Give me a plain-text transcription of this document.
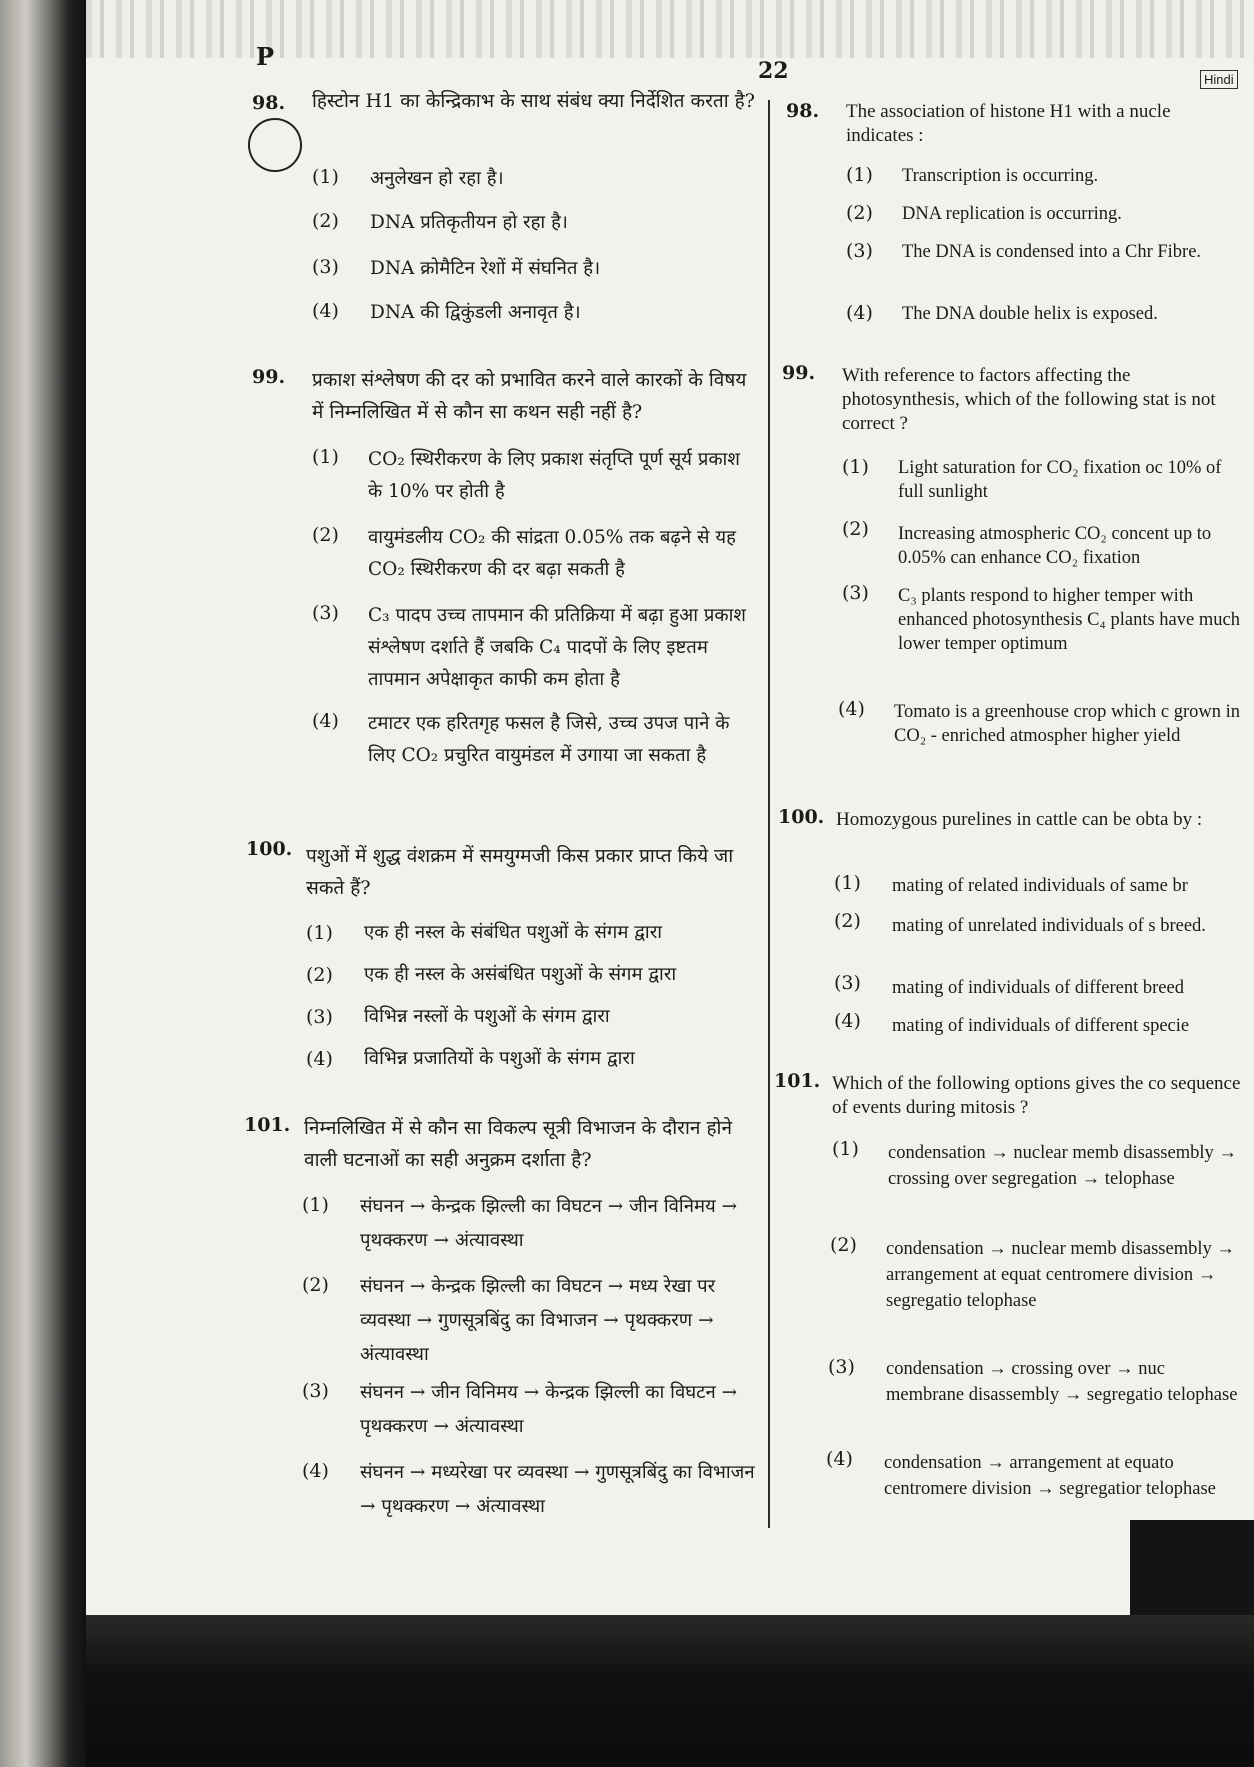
P	22	Hindi
98. हिस्टोन H1 का केन्द्रिकाभ के साथ संबंध क्या निर्देशित करता है?
(1) अनुलेखन हो रहा है।
(2) DNA प्रतिकृतीयन हो रहा है।
(3) DNA क्रोमैटिन रेशों में संघनित है।
(4) DNA की द्विकुंडली अनावृत है।
99. प्रकाश संश्लेषण की दर को प्रभावित करने वाले कारकों के विषय में निम्नलिखित में से कौन सा कथन सही नहीं है?
(1) CO₂ स्थिरीकरण के लिए प्रकाश संतृप्ति पूर्ण सूर्य प्रकाश के 10% पर होती है
(2) वायुमंडलीय CO₂ की सांद्रता 0.05% तक बढ़ने से यह CO₂ स्थिरीकरण की दर बढ़ा सकती है
(3) C₃ पादप उच्च तापमान की प्रतिक्रिया में बढ़ा हुआ प्रकाश संश्लेषण दर्शाते हैं जबकि C₄ पादपों के लिए इष्टतम तापमान अपेक्षाकृत काफी कम होता है
(4) टमाटर एक हरितगृह फसल है जिसे, उच्च उपज पाने के लिए CO₂ प्रचुरित वायुमंडल में उगाया जा सकता है
100. पशुओं में शुद्ध वंशक्रम में समयुग्मजी किस प्रकार प्राप्त किये जा सकते हैं?
(1) एक ही नस्ल के संबंधित पशुओं के संगम द्वारा
(2) एक ही नस्ल के असंबंधित पशुओं के संगम द्वारा
(3) विभिन्न नस्लों के पशुओं के संगम द्वारा
(4) विभिन्न प्रजातियों के पशुओं के संगम द्वारा
101. निम्नलिखित में से कौन सा विकल्प सूत्री विभाजन के दौरान होने वाली घटनाओं का सही अनुक्रम दर्शाता है?
(1) संघनन → केन्द्रक झिल्ली का विघटन → जीन विनिमय → पृथक्करण → अंत्यावस्था
(2) संघनन → केन्द्रक झिल्ली का विघटन → मध्य रेखा पर व्यवस्था → गुणसूत्रबिंदु का विभाजन → पृथक्करण → अंत्यावस्था
(3) संघनन → जीन विनिमय → केन्द्रक झिल्ली का विघटन → पृथक्करण → अंत्यावस्था
(4) संघनन → मध्यरेखा पर व्यवस्था → गुणसूत्रबिंदु का विभाजन → पृथक्करण → अंत्यावस्था
98. The association of histone H1 with a nucle indicates :
(1) Transcription is occurring.
(2) DNA replication is occurring.
(3) The DNA is condensed into a Chr Fibre.
(4) The DNA double helix is exposed.
99. With reference to factors affecting the photosynthesis, which of the following stat is not correct ?
(1) Light saturation for CO₂ fixation oc 10% of full sunlight
(2) Increasing atmospheric CO₂ concent up to 0.05% can enhance CO₂ fixation
(3) C₃ plants respond to higher temper with enhanced photosynthesis C₄ plants have much lower temper optimum
(4) Tomato is a greenhouse crop which c grown in CO₂ - enriched atmospher higher yield
100. Homozygous purelines in cattle can be obta by :
(1) mating of related individuals of same br
(2) mating of unrelated individuals of s breed.
(3) mating of individuals of different breed
(4) mating of individuals of different specie
101. Which of the following options gives the co sequence of events during mitosis ?
(1) condensation → nuclear memb disassembly → crossing over segregation → telophase
(2) condensation → nuclear memb disassembly → arrangement at equat centromere division → segregatio telophase
(3) condensation → crossing over → nuc membrane disassembly → segregatio telophase
(4) condensation → arrangement at equato centromere division → segregatior telophase
